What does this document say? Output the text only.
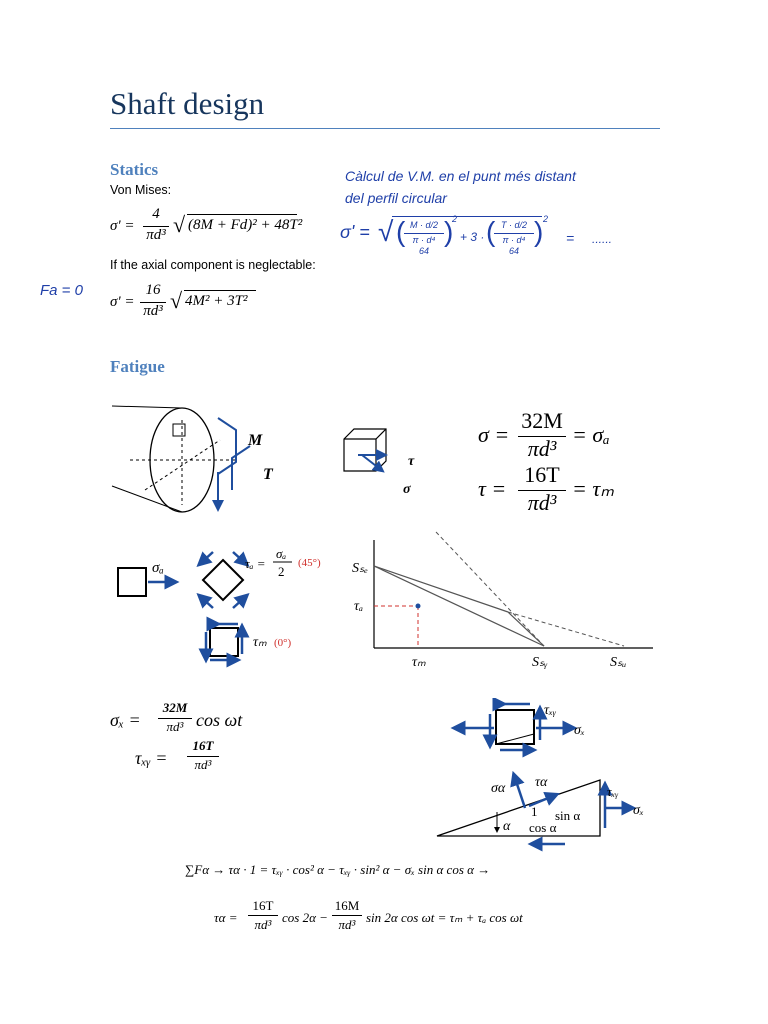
Shaft design
Statics
Von Mises:
σ' =
4
πd³ √ (8M + Fd)² + 48T²
If the axial component is neglectable:
σ' =
16
πd³ √ 4M² + 3T²
Càlcul de V.M. en el punt més distant
del perfil circular
Fa = 0
σ' = √ ( M · d/2
π · d⁴
64
)
2
+ 3 · ( T · d/2
π · d⁴
64
) 2
= ......
Fatigue
M
T
τ
σ
σ =
32M
πd³
= σₐ
τ =
16T
πd³
= τₘ
σₐ	τₐ =
σₐ
2
(45°)
τₘ (0°)
Sₛₑ
τₐ
τₘ	Sₛᵧ	Sₛᵤ
σₓ =
32M
πd³ cos ωt
τₓᵧ =
16T
πd³
τₓᵧ
σₓ
σα τα
τₓᵧ
σₓ
α
1 sin α
cos α
∑Fα → τα · 1 = τₓᵧ · cos² α − τₓᵧ · sin² α − σₓ sin α cos α →
τα =
16T
πd³ cos 2α −
16M
πd³ sin 2α cos ωt = τₘ + τₐ cos ωt
